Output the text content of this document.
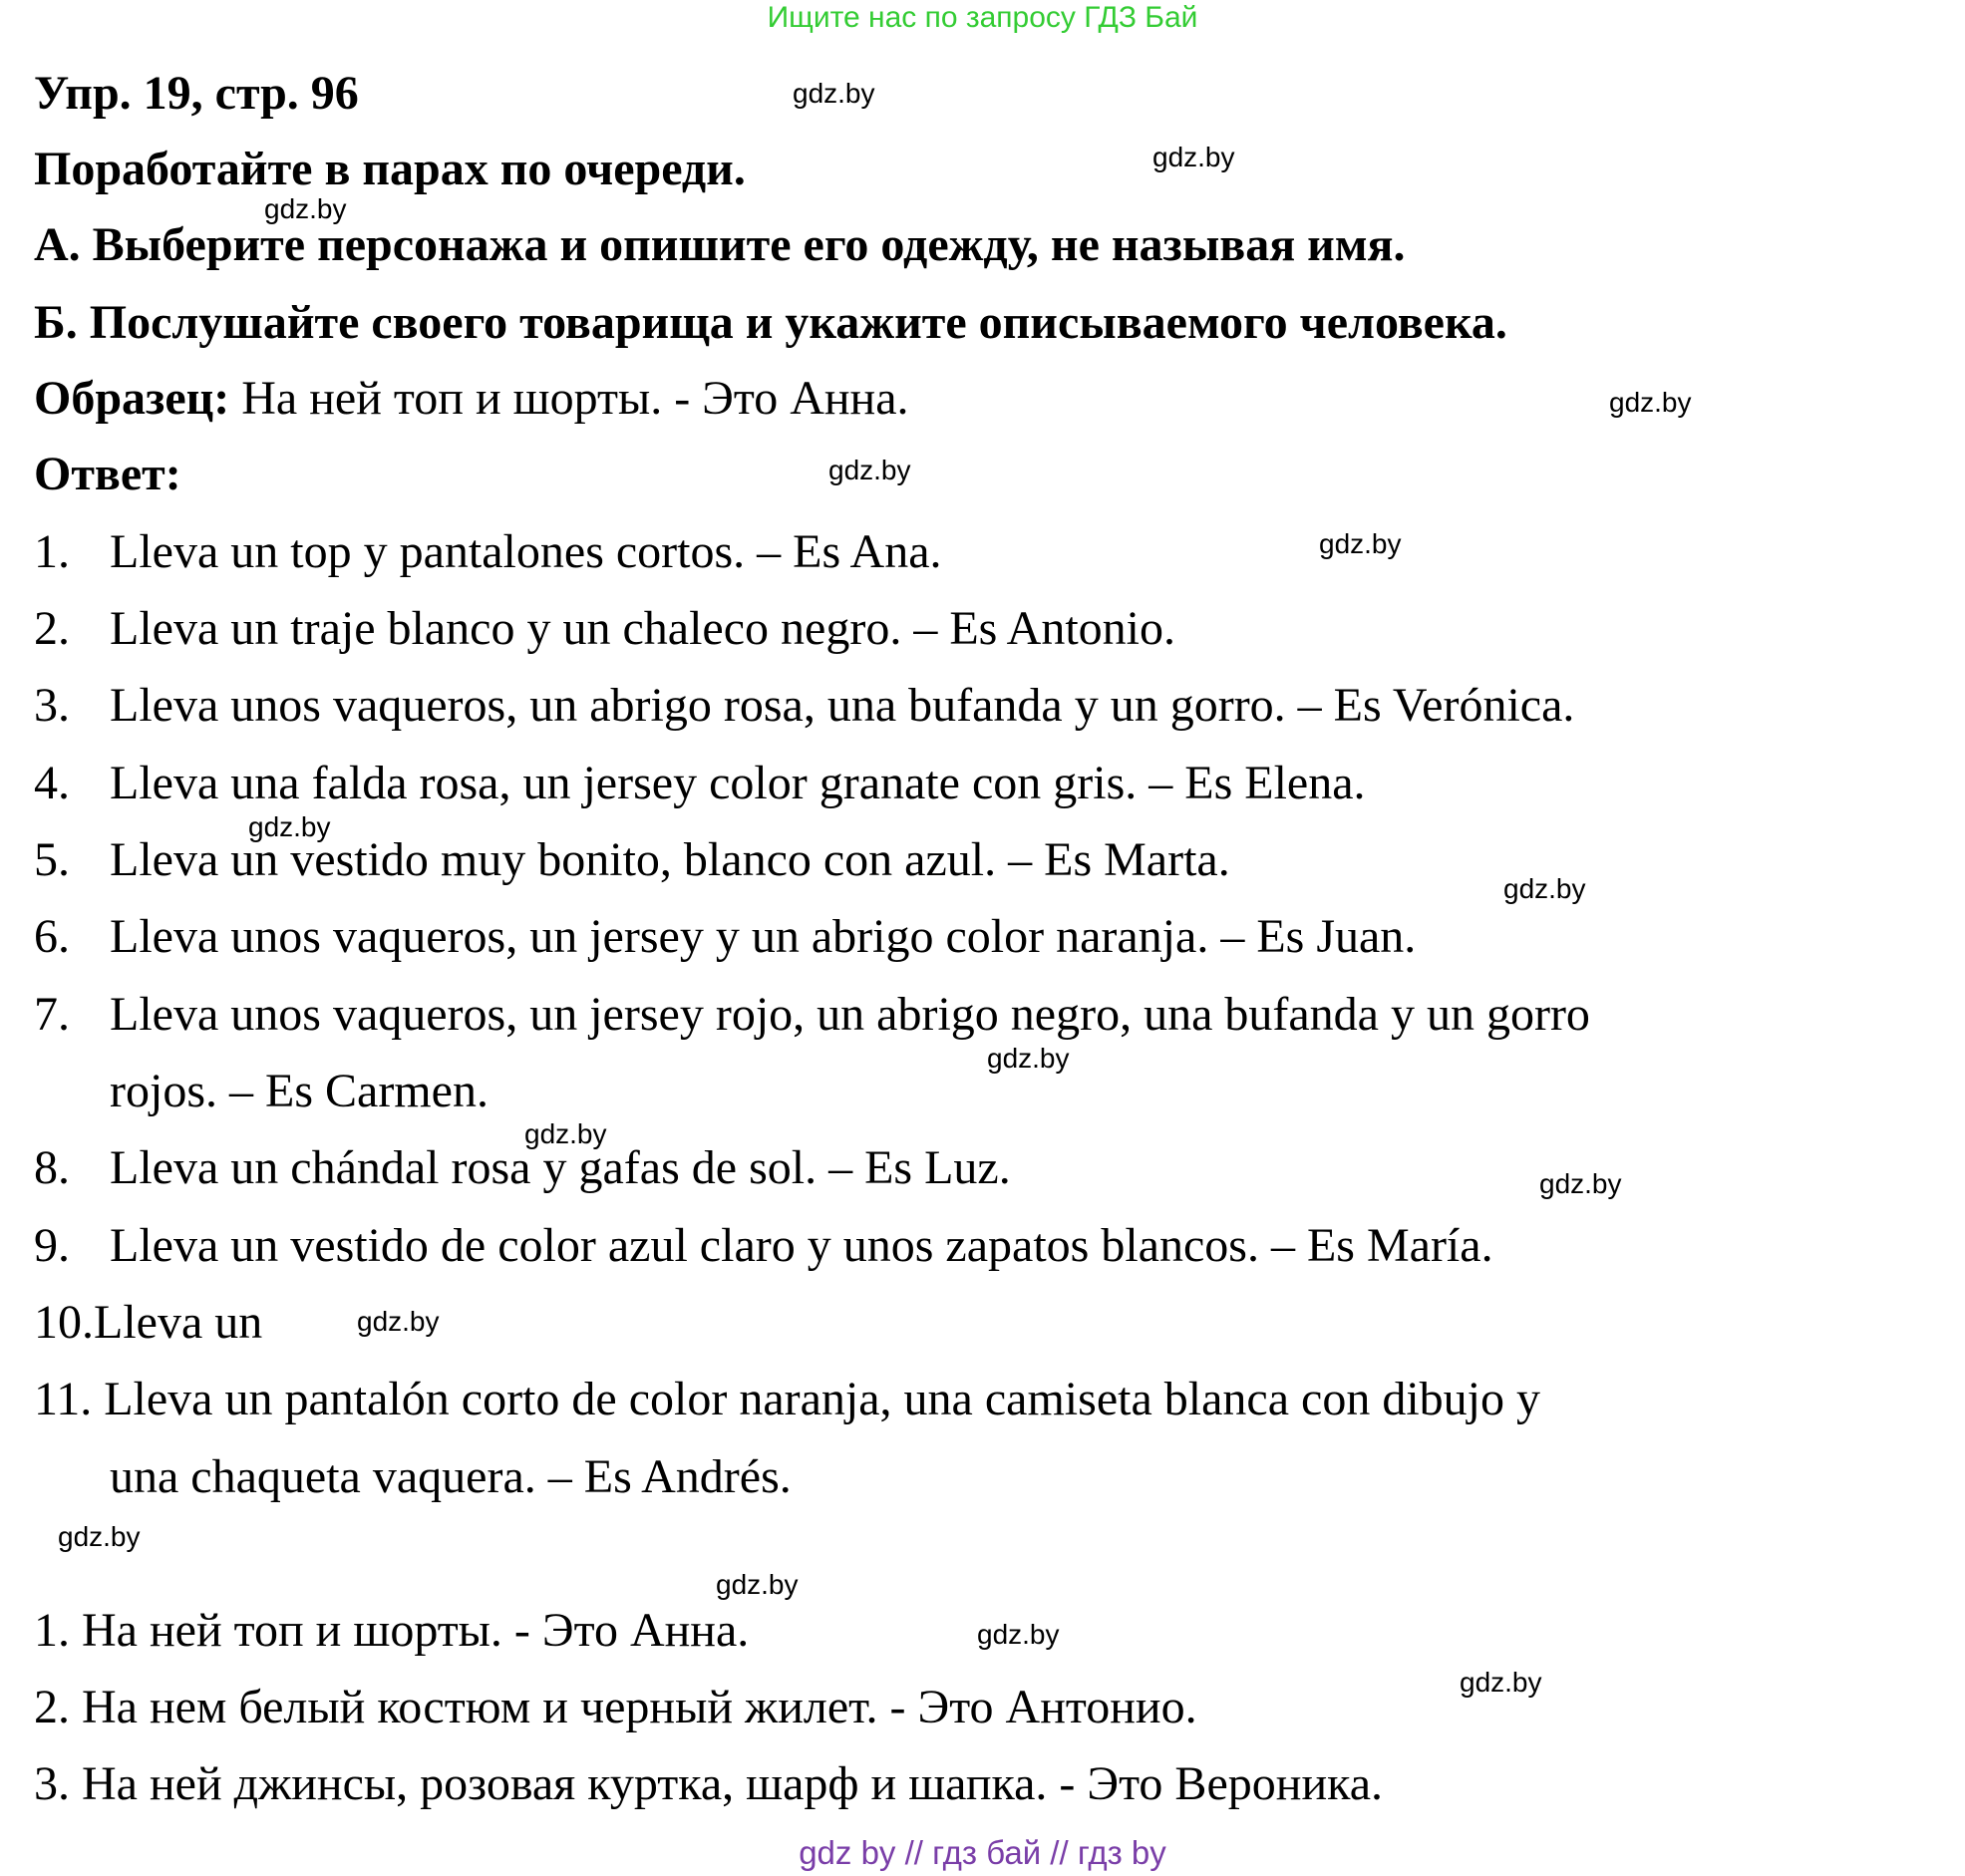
Ищите нас по запросу ГДЗ Бай
Упр. 19, стр. 96
Поработайте в парах по очереди.
А. Выберите персонажа и опишите его одежду, не называя имя.
Б. Послушайте своего товарища и укажите описываемого человека.
Образец: На ней топ и шорты. - Это Анна.
Ответ:
1. Lleva un top y pantalones cortos. – Es Ana.
2. Lleva un traje blanco y un chaleco negro. – Es Antonio.
3. Lleva unos vaqueros, un abrigo rosa, una bufanda y un gorro. – Es Verónica.
4. Lleva una falda rosa, un jersey color granate con gris. – Es Elena.
5. Lleva un vestido muy bonito, blanco con azul. – Es Marta.
6. Lleva unos vaqueros, un jersey y un abrigo color naranja. – Es Juan.
7. Lleva unos vaqueros, un jersey rojo, un abrigo negro, una bufanda y un gorro
rojos. – Es Carmen.
8. Lleva un chándal rosa y gafas de sol. – Es Luz.
9. Lleva un vestido de color azul claro y unos zapatos blancos. – Es María.
10.Lleva un
11. Lleva un pantalón corto de color naranja, una camiseta blanca con dibujo y
una chaqueta vaquera. – Es Andrés.
1. На ней топ и шорты. - Это Анна.
2. На нем белый костюм и черный жилет. - Это Антонио.
3. На ней джинсы, розовая куртка, шарф и шапка. - Это Вероника.
gdz.by
gdz.by
gdz.by
gdz.by
gdz.by
gdz.by
gdz.by
gdz.by
gdz.by
gdz.by
gdz.by
gdz.by
gdz.by
gdz.by
gdz.by
gdz.by
gdz by // гдз бай // гдз by
